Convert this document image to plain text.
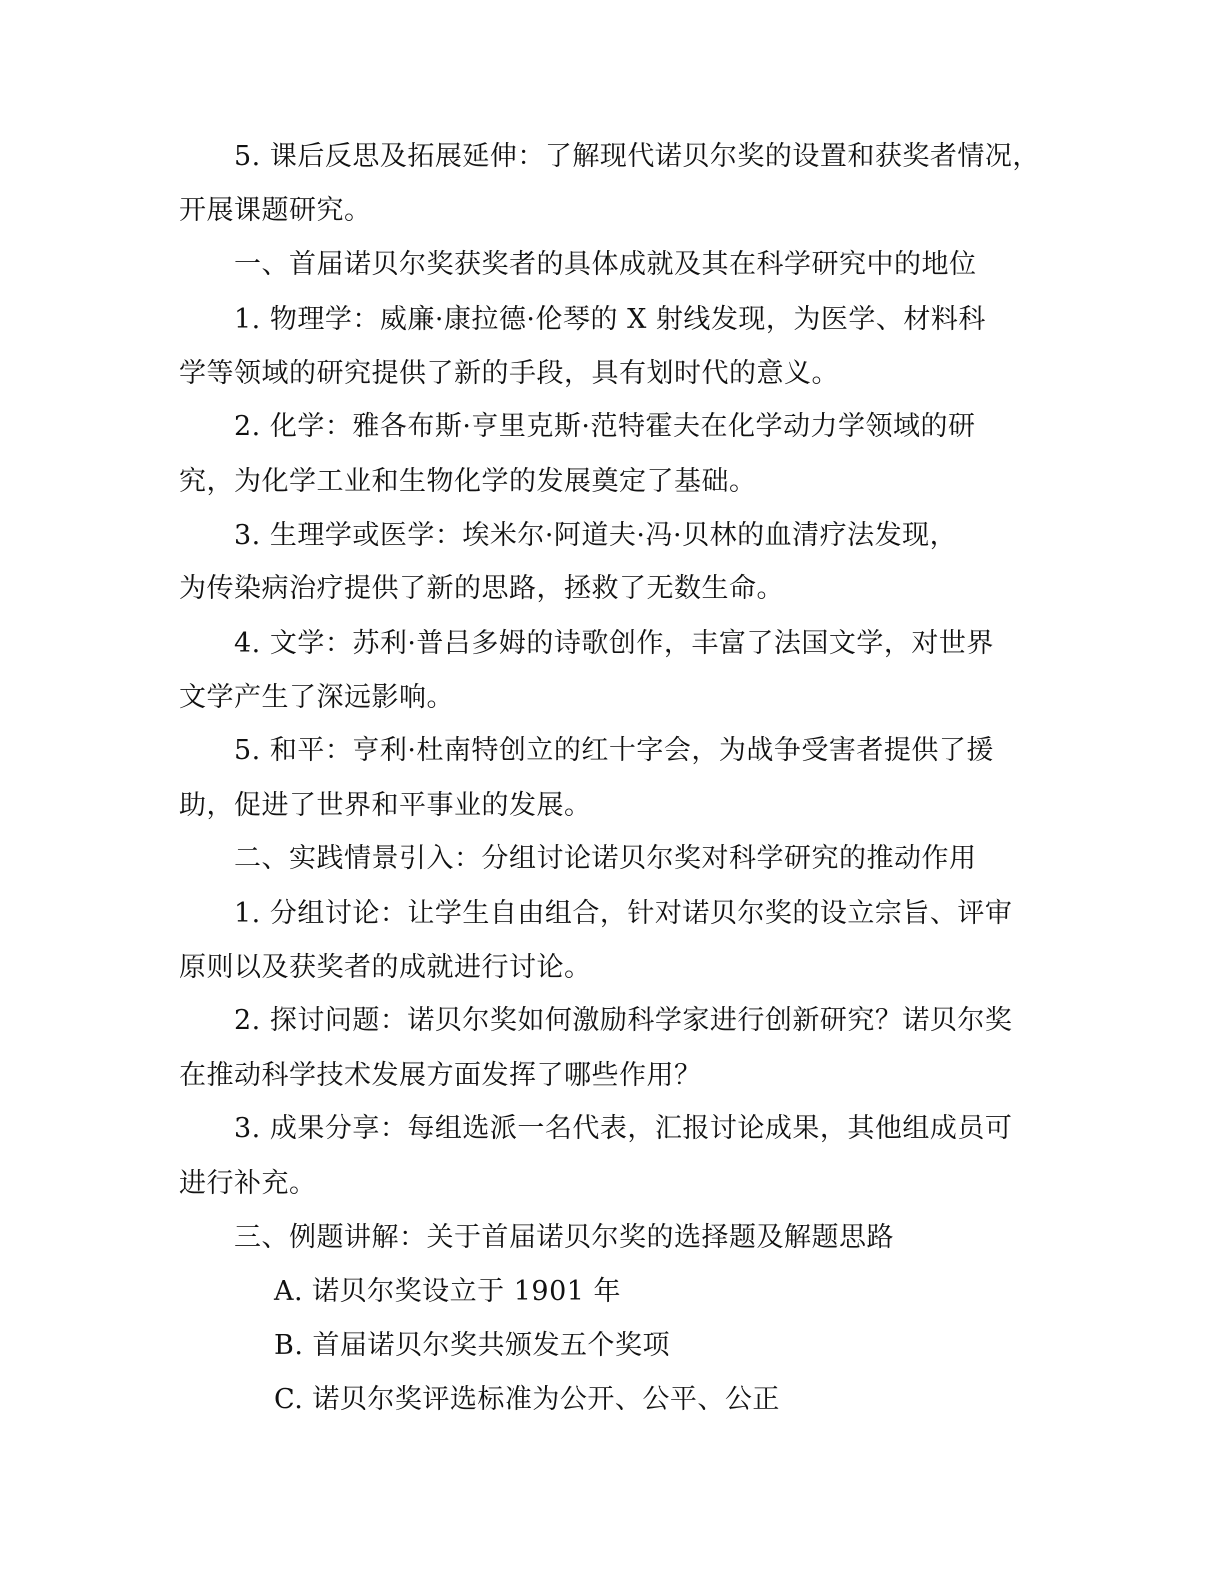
5. 课后反思及拓展延伸：了解现代诺贝尔奖的设置和获奖者情况，
开展课题研究。
一、首届诺贝尔奖获奖者的具体成就及其在科学研究中的地位
1. 物理学：威廉·康拉德·伦琴的 X 射线发现，为医学、材料科
学等领域的研究提供了新的手段，具有划时代的意义。
2. 化学：雅各布斯·亨里克斯·范特霍夫在化学动力学领域的研
究，为化学工业和生物化学的发展奠定了基础。
3. 生理学或医学：埃米尔·阿道夫·冯·贝林的血清疗法发现，
为传染病治疗提供了新的思路，拯救了无数生命。
4. 文学：苏利·普吕多姆的诗歌创作，丰富了法国文学，对世界
文学产生了深远影响。
5. 和平：亨利·杜南特创立的红十字会，为战争受害者提供了援
助，促进了世界和平事业的发展。
二、实践情景引入：分组讨论诺贝尔奖对科学研究的推动作用
1. 分组讨论：让学生自由组合，针对诺贝尔奖的设立宗旨、评审
原则以及获奖者的成就进行讨论。
2. 探讨问题：诺贝尔奖如何激励科学家进行创新研究？诺贝尔奖
在推动科学技术发展方面发挥了哪些作用？
3. 成果分享：每组选派一名代表，汇报讨论成果，其他组成员可
进行补充。
三、例题讲解：关于首届诺贝尔奖的选择题及解题思路
A. 诺贝尔奖设立于 1901 年
B. 首届诺贝尔奖共颁发五个奖项
C. 诺贝尔奖评选标准为公开、公平、公正
